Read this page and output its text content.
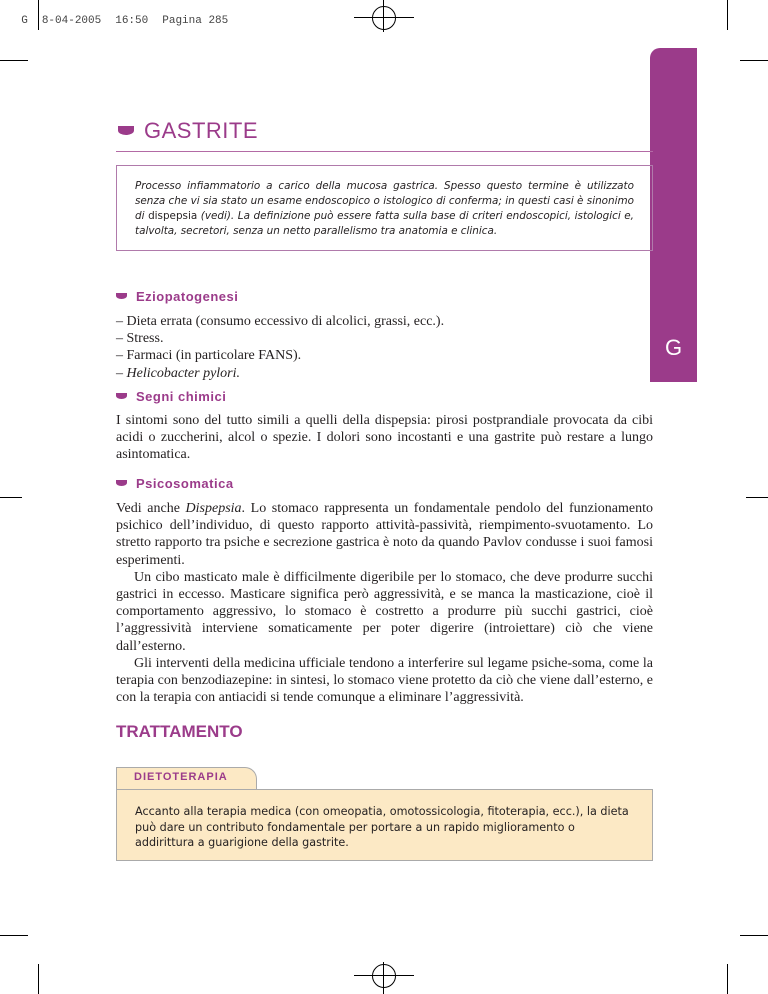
G 8-04-2005 16:50 Pagina 285

G
GASTRITE
Processo infiammatorio a carico della mucosa gastrica. Spesso questo termine è utilizzato senza che vi sia stato un esame endoscopico o istologico di conferma; in questi casi è sinonimo di dispepsia (vedi). La definizione può essere fatta sulla base di criteri endoscopici, istologici e, talvolta, secretori, senza un netto parallelismo tra anatomia e clinica.
Eziopatogenesi
– Dieta errata (consumo eccessivo di alcolici, grassi, ecc.).
– Stress.
– Farmaci (in particolare FANS).
– Helicobacter pylori.
Segni chimici

I sintomi sono del tutto simili a quelli della dispepsia: pirosi postprandiale provocata da cibi acidi o zuccherini, alcol o spezie. I dolori sono incostanti e una gastrite può restare a lungo asintomatica.

Psicosomatica

Vedi anche Dispepsia. Lo stomaco rappresenta un fondamentale pendolo del funzionamento psichico dell’individuo, di questo rapporto attività-passività, riempimento-svuotamento. Lo stretto rapporto tra psiche e secrezione gastrica è noto da quando Pavlov condusse i suoi famosi esperimenti.

Un cibo masticato male è difficilmente digeribile per lo stomaco, che deve produrre succhi gastrici in eccesso. Masticare significa però aggressività, e se manca la masticazione, cioè il comportamento aggressivo, lo stomaco è costretto a produrre più succhi gastrici, cioè l’aggressività interviene somaticamente per poter digerire (introiettare) ciò che viene dall’esterno.

Gli interventi della medicina ufficiale tendono a interferire sul legame psiche-soma, come la terapia con benzodiazepine: in sintesi, lo stomaco viene protetto da ciò che viene dall’esterno, e con la terapia con antiacidi si tende comunque a eliminare l’aggressività.

TRATTAMENTO
DIETOTERAPIA
Accanto alla terapia medica (con omeopatia, omotossicologia, fitoterapia, ecc.), la dieta può dare un contributo fondamentale per portare a un rapido miglioramento o addirittura a guarigione della gastrite.
